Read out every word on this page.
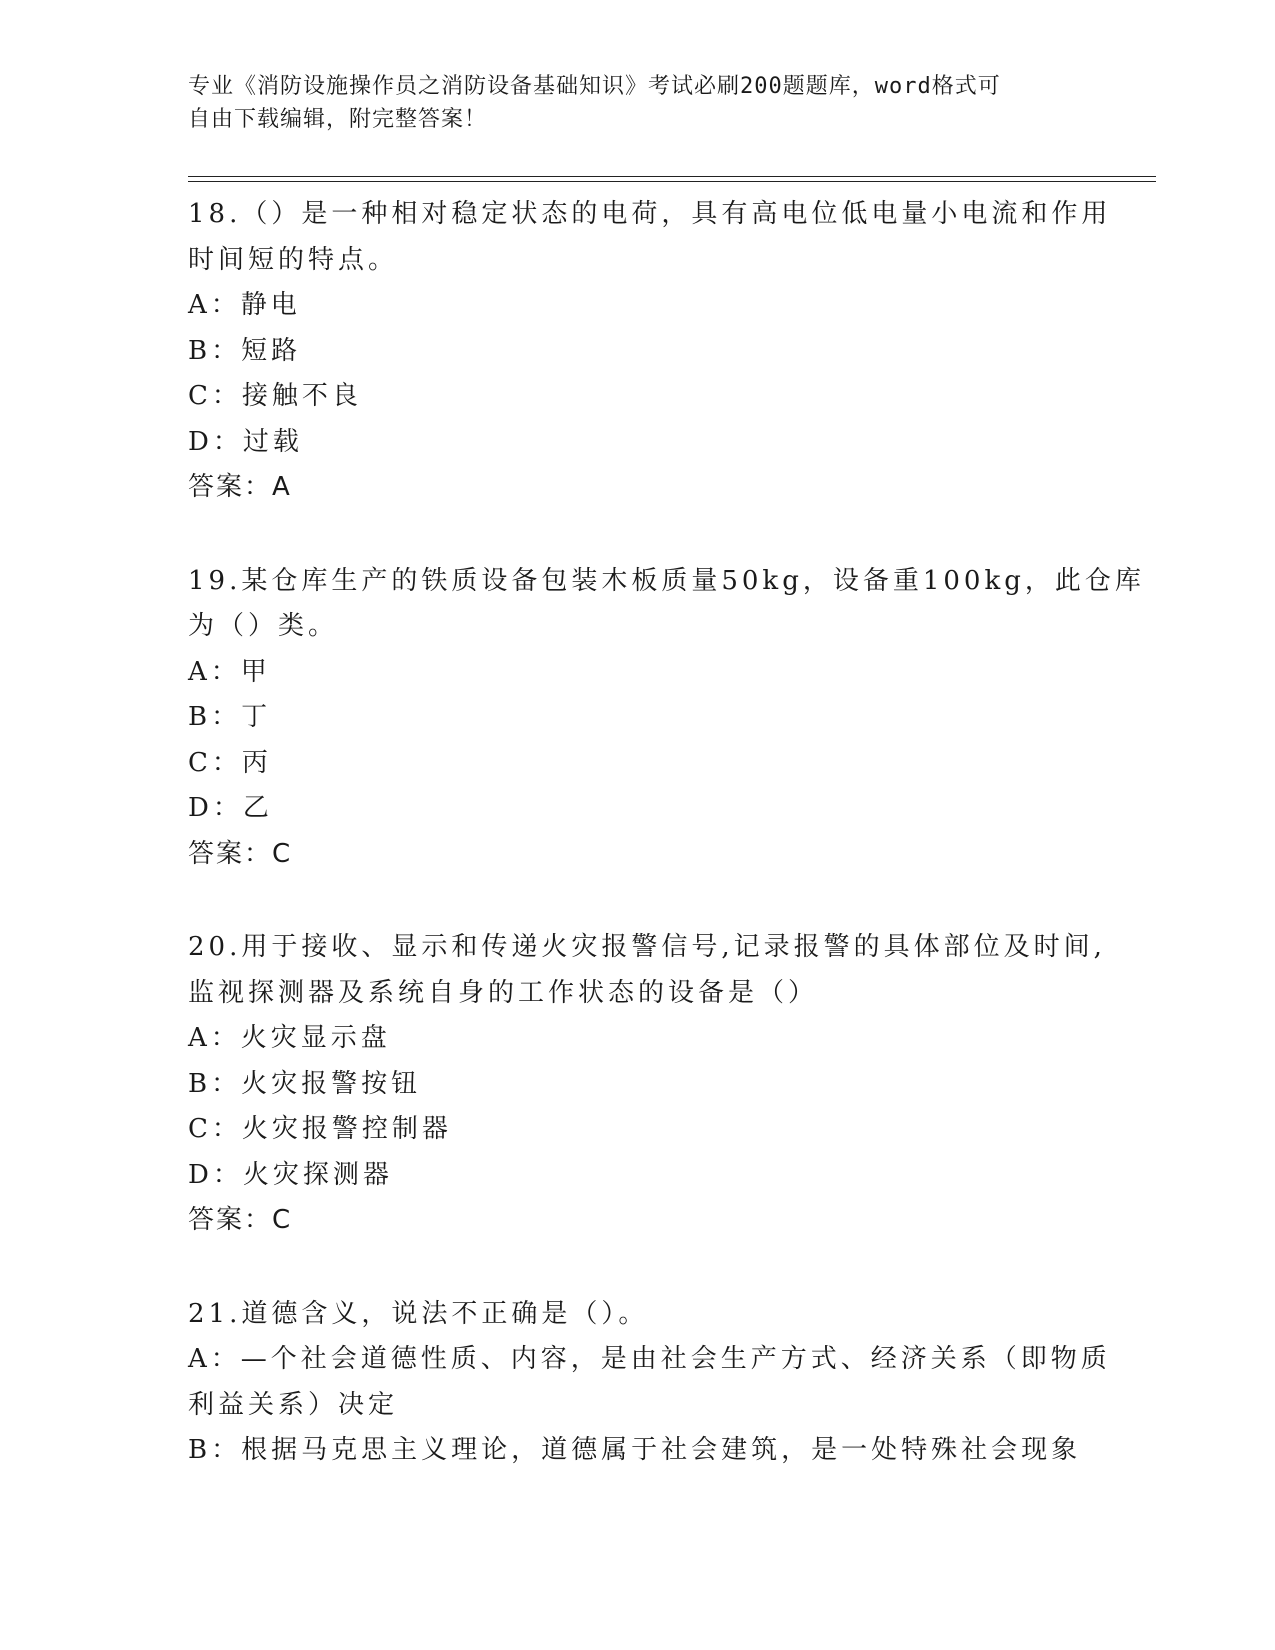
专业《消防设施操作员之消防设备基础知识》考试必刷200题题库，word格式可
自由下载编辑，附完整答案！
18.（）是一种相对稳定状态的电荷，具有高电位低电量小电流和作用
时间短的特点。
A：静电
B：短路
C：接触不良
D：过载
答案：A
19.某仓库生产的铁质设备包装木板质量50kg，设备重100kg，此仓库
为（）类。
A：甲
B：丁
C：丙
D：乙
答案：C
20.用于接收、显示和传递火灾报警信号,记录报警的具体部位及时间,
监视探测器及系统自身的工作状态的设备是（）
A：火灾显示盘
B：火灾报警按钮
C：火灾报警控制器
D：火灾探测器
答案：C
21.道德含义，说法不正确是（）。
A：—个社会道德性质、内容，是由社会生产方式、经济关系（即物质
利益关系）决定
B：根据马克思主义理论，道德属于社会建筑，是一处特殊社会现象
